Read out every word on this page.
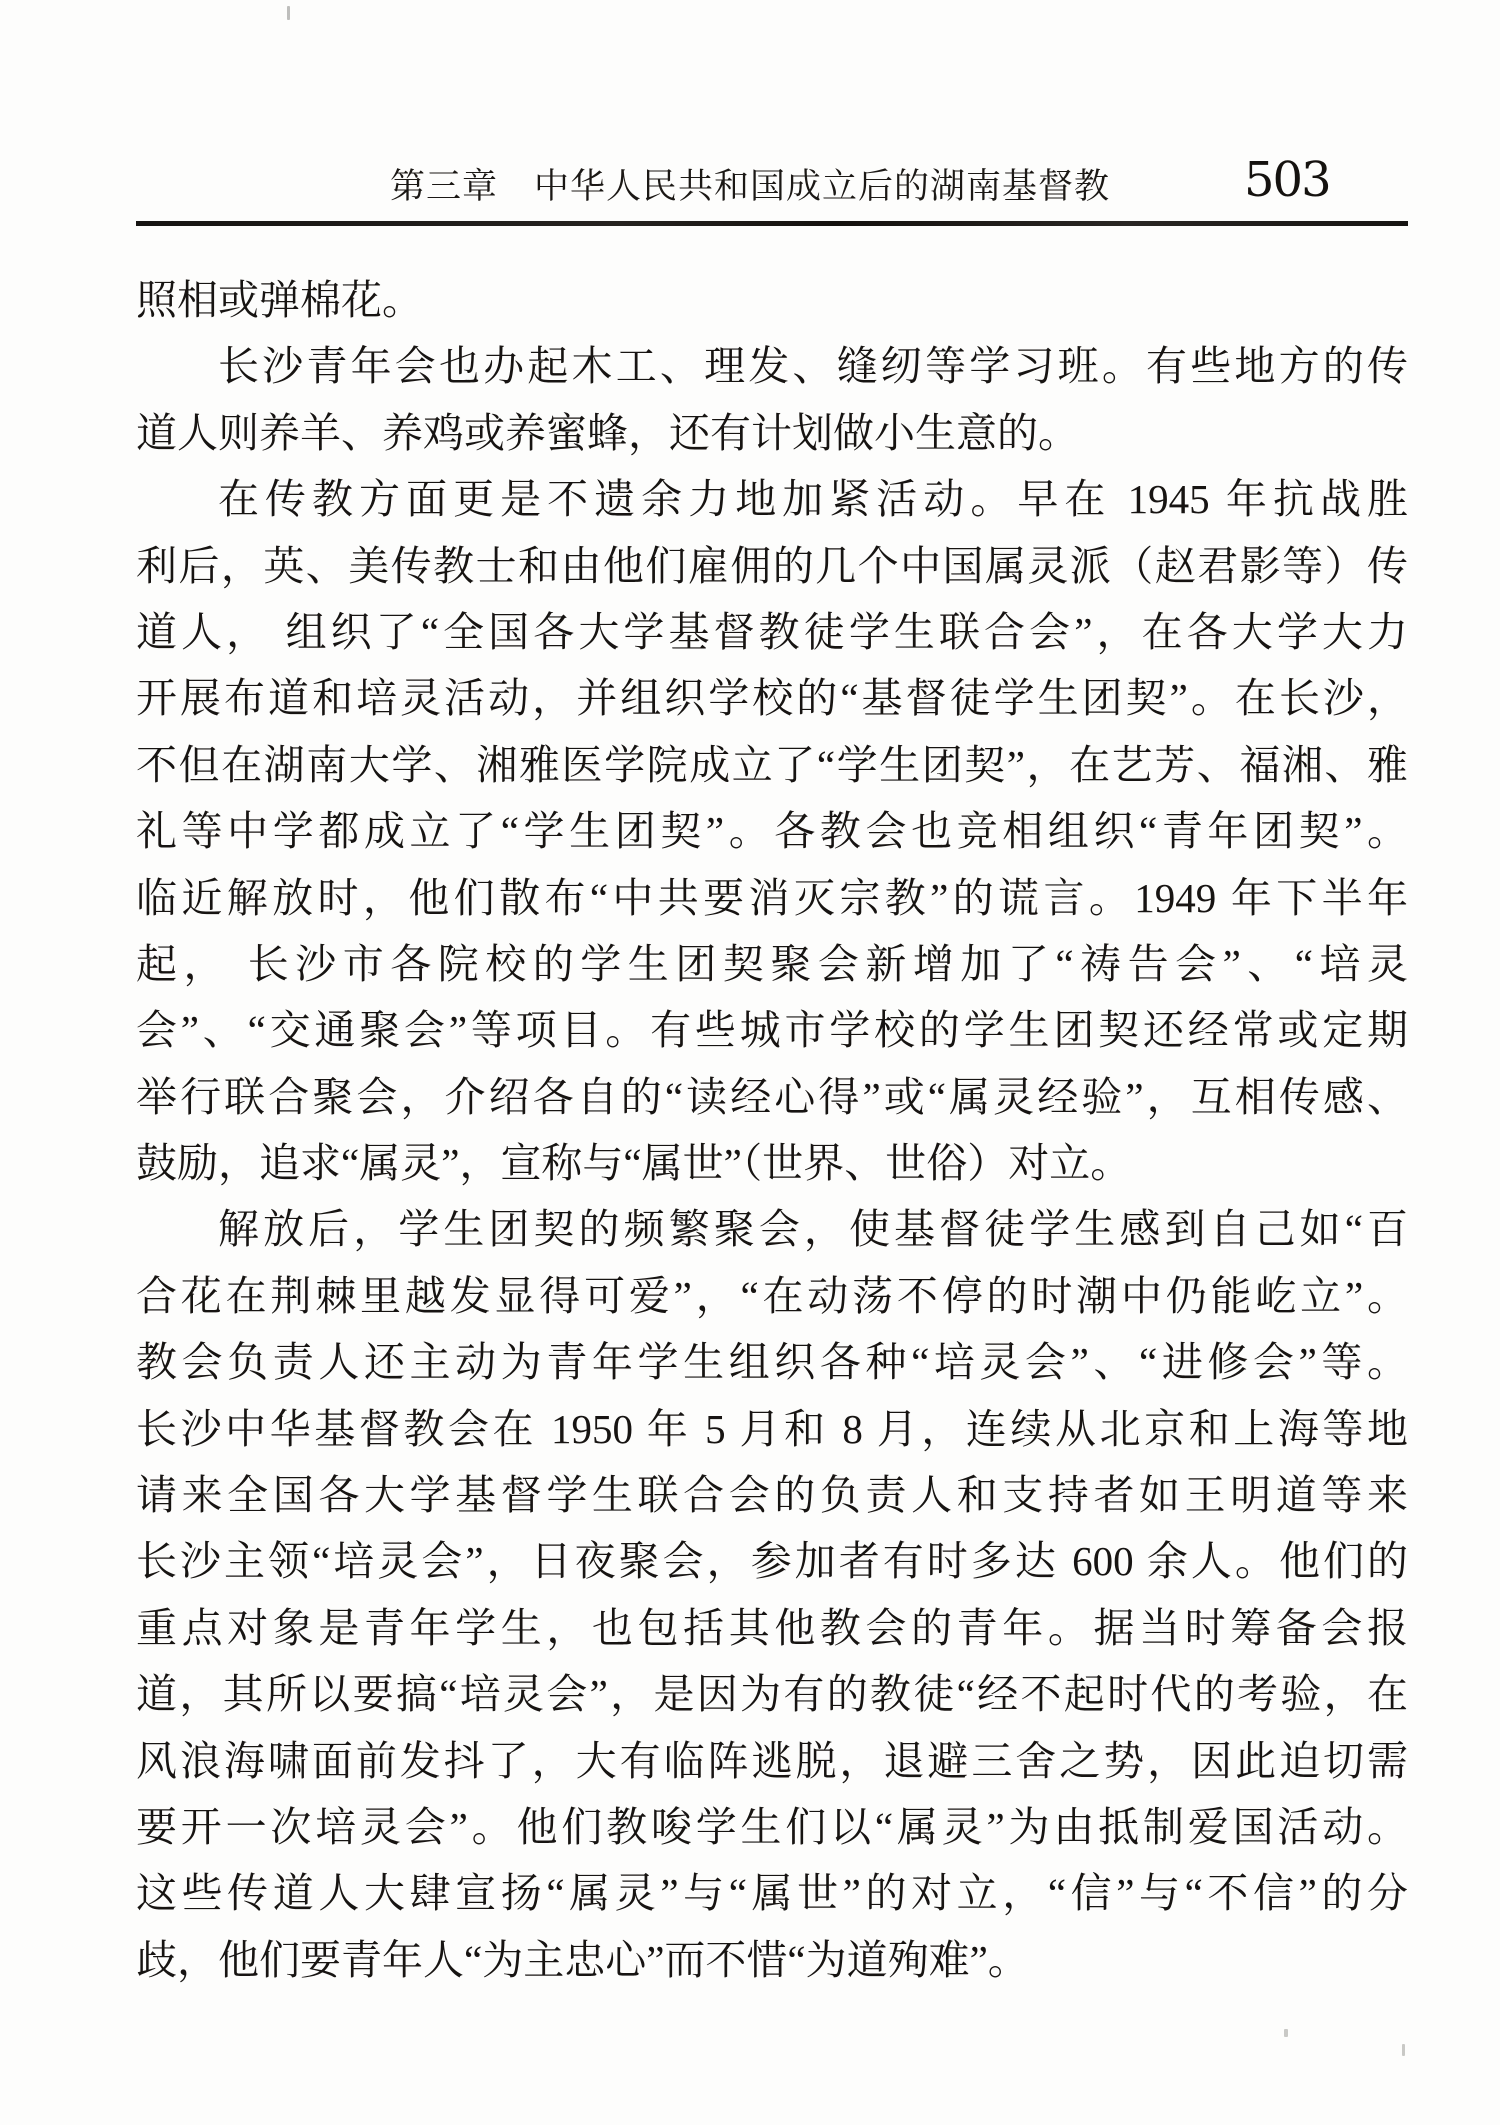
第三章　中华人民共和国成立后的湖南基督教	503
照相或弹棉花。
长沙青年会也办起木工、理发、缝纫等学习班。有些地方的传
道人则养羊、养鸡或养蜜蜂，还有计划做小生意的。
在传教方面更是不遗余力地加紧活动。早在 1945 年抗战胜
利后，英、美传教士和由他们雇佣的几个中国属灵派（赵君影等）传
道人， 组织了“全国各大学基督教徒学生联合会”，在各大学大力
开展布道和培灵活动，并组织学校的“基督徒学生团契”。在长沙，
不但在湖南大学、湘雅医学院成立了“学生团契”，在艺芳、福湘、雅
礼等中学都成立了“学生团契”。各教会也竞相组织“青年团契”。
临近解放时，他们散布“中共要消灭宗教”的谎言。1949 年下半年
起， 长沙市各院校的学生团契聚会新增加了“祷告会”、“培灵
会”、“交通聚会”等项目。有些城市学校的学生团契还经常或定期
举行联合聚会，介绍各自的“读经心得”或“属灵经验”，互相传感、
鼓励，追求“属灵”，宣称与“属世”（世界、世俗）对立。
解放后，学生团契的频繁聚会，使基督徒学生感到自己如“百
合花在荆棘里越发显得可爱”，“在动荡不停的时潮中仍能屹立”。
教会负责人还主动为青年学生组织各种“培灵会”、“进修会”等。
长沙中华基督教会在 1950 年 5 月和 8 月，连续从北京和上海等地
请来全国各大学基督学生联合会的负责人和支持者如王明道等来
长沙主领“培灵会”，日夜聚会，参加者有时多达 600 余人。他们的
重点对象是青年学生，也包括其他教会的青年。据当时筹备会报
道，其所以要搞“培灵会”，是因为有的教徒“经不起时代的考验，在
风浪海啸面前发抖了，大有临阵逃脱，退避三舍之势，因此迫切需
要开一次培灵会”。他们教唆学生们以“属灵”为由抵制爱国活动。
这些传道人大肆宣扬“属灵”与“属世”的对立，“信”与“不信”的分
歧，他们要青年人“为主忠心”而不惜“为道殉难”。
